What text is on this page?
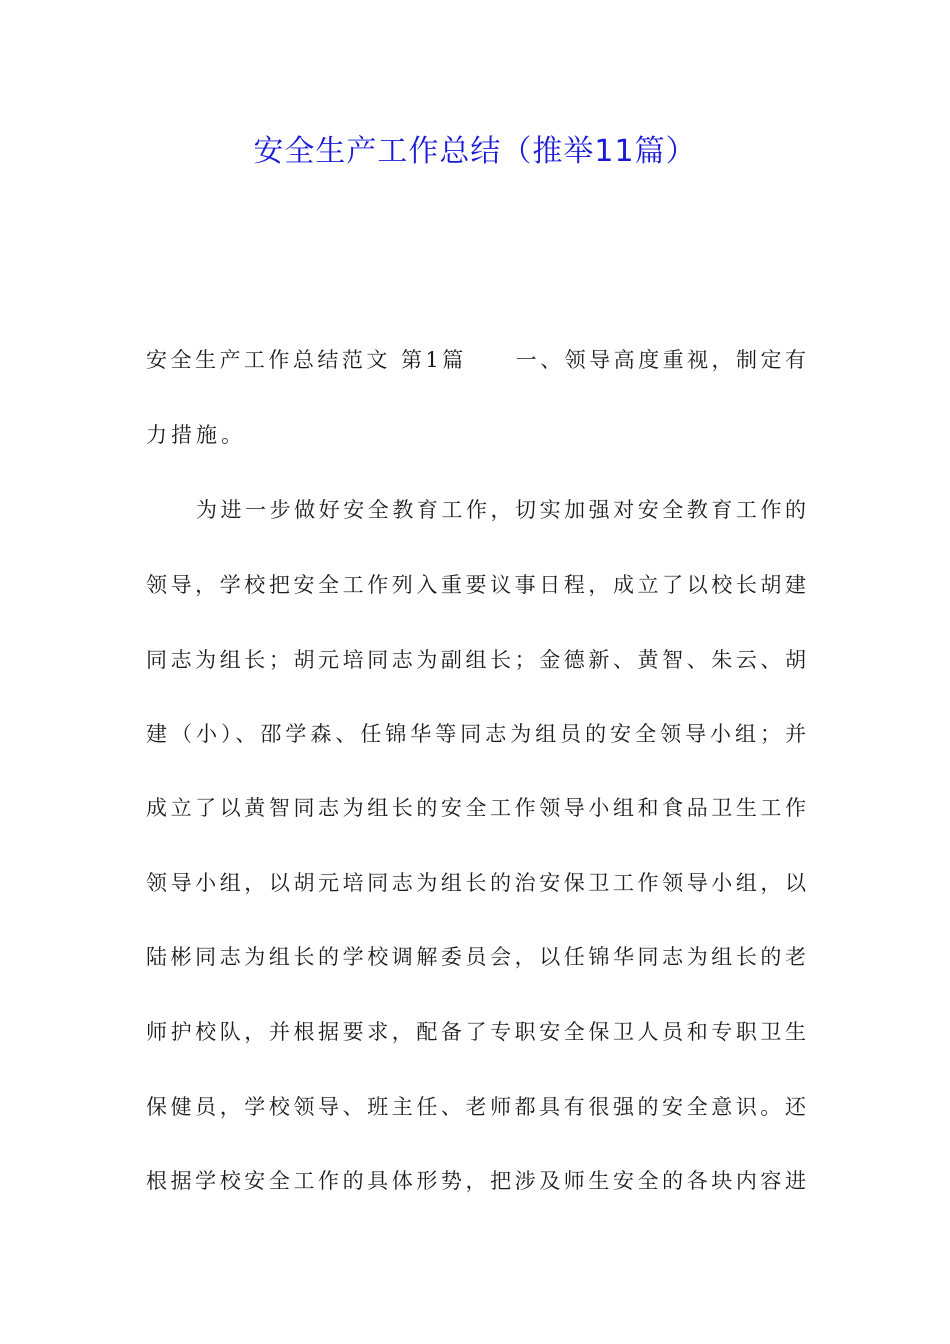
安全生产工作总结（推举11篇）
安全生产工作总结范文 第1篇　　一、领导高度重视，制定有
力措施。
为进一步做好安全教育工作，切实加强对安全教育工作的
领导，学校把安全工作列入重要议事日程，成立了以校长胡建
同志为组长；胡元培同志为副组长；金德新、黄智、朱云、胡
建（小）、邵学森、任锦华等同志为组员的安全领导小组；并
成立了以黄智同志为组长的安全工作领导小组和食品卫生工作
领导小组，以胡元培同志为组长的治安保卫工作领导小组，以
陆彬同志为组长的学校调解委员会，以任锦华同志为组长的老
师护校队，并根据要求，配备了专职安全保卫人员和专职卫生
保健员，学校领导、班主任、老师都具有很强的安全意识。还
根据学校安全工作的具体形势，把涉及师生安全的各块内容进
